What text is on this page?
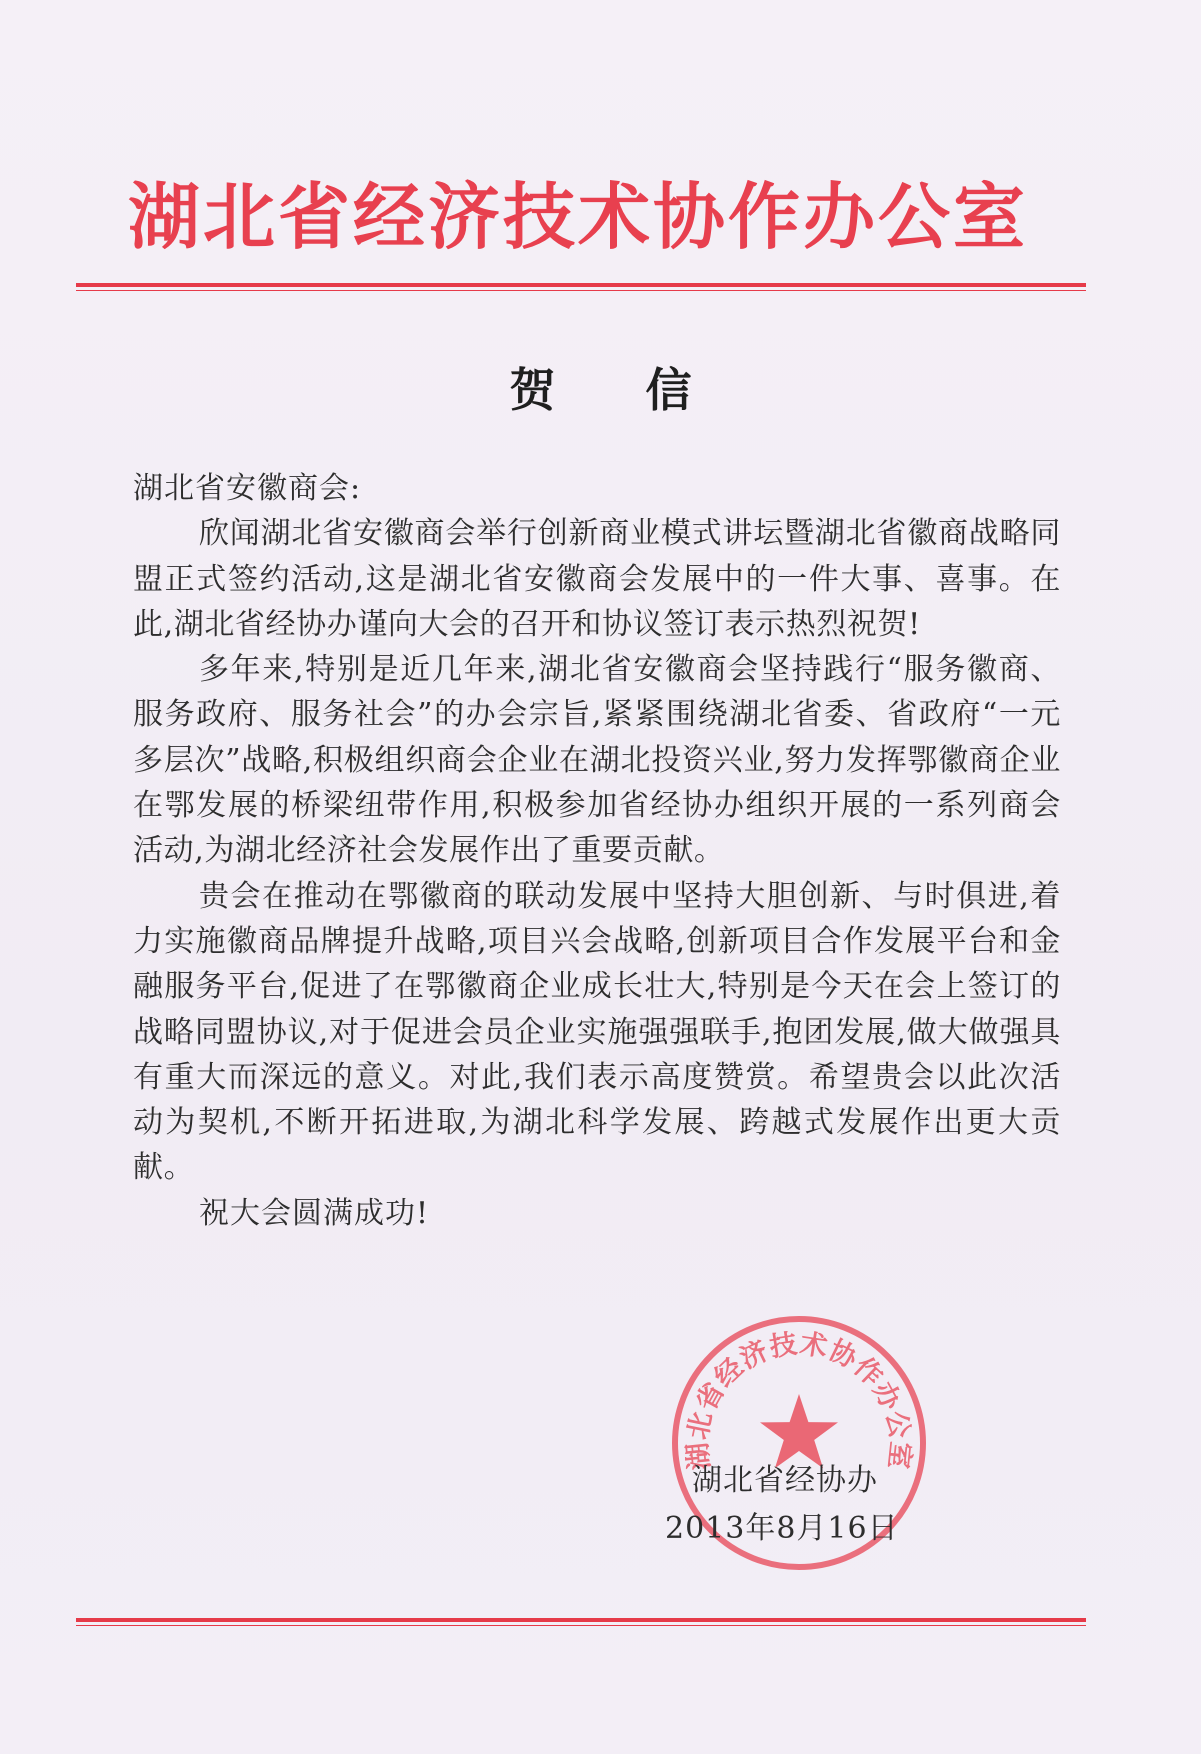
湖北省经济技术协作办公室
贺信

湖北省安徽商会:

欣闻湖北省安徽商会举行创新商业模式讲坛暨湖北省徽商战略同盟正式签约活动,这是湖北省安徽商会发展中的一件大事、喜事。在此,湖北省经协办谨向大会的召开和协议签订表示热烈祝贺!

多年来,特别是近几年来,湖北省安徽商会坚持践行“服务徽商、服务政府、服务社会”的办会宗旨,紧紧围绕湖北省委、省政府“一元多层次”战略,积极组织商会企业在湖北投资兴业,努力发挥鄂徽商企业在鄂发展的桥梁纽带作用,积极参加省经协办组织开展的一系列商会活动,为湖北经济社会发展作出了重要贡献。

贵会在推动在鄂徽商的联动发展中坚持大胆创新、与时俱进,着力实施徽商品牌提升战略,项目兴会战略,创新项目合作发展平台和金融服务平台,促进了在鄂徽商企业成长壮大,特别是今天在会上签订的战略同盟协议,对于促进会员企业实施强强联手,抱团发展,做大做强具有重大而深远的意义。对此,我们表示高度赞赏。希望贵会以此次活动为契机,不断开拓进取,为湖北科学发展、跨越式发展作出更大贡献。

祝大会圆满成功!

湖北省经济技术协作办公室
湖北省经协办
2013年8月16日
